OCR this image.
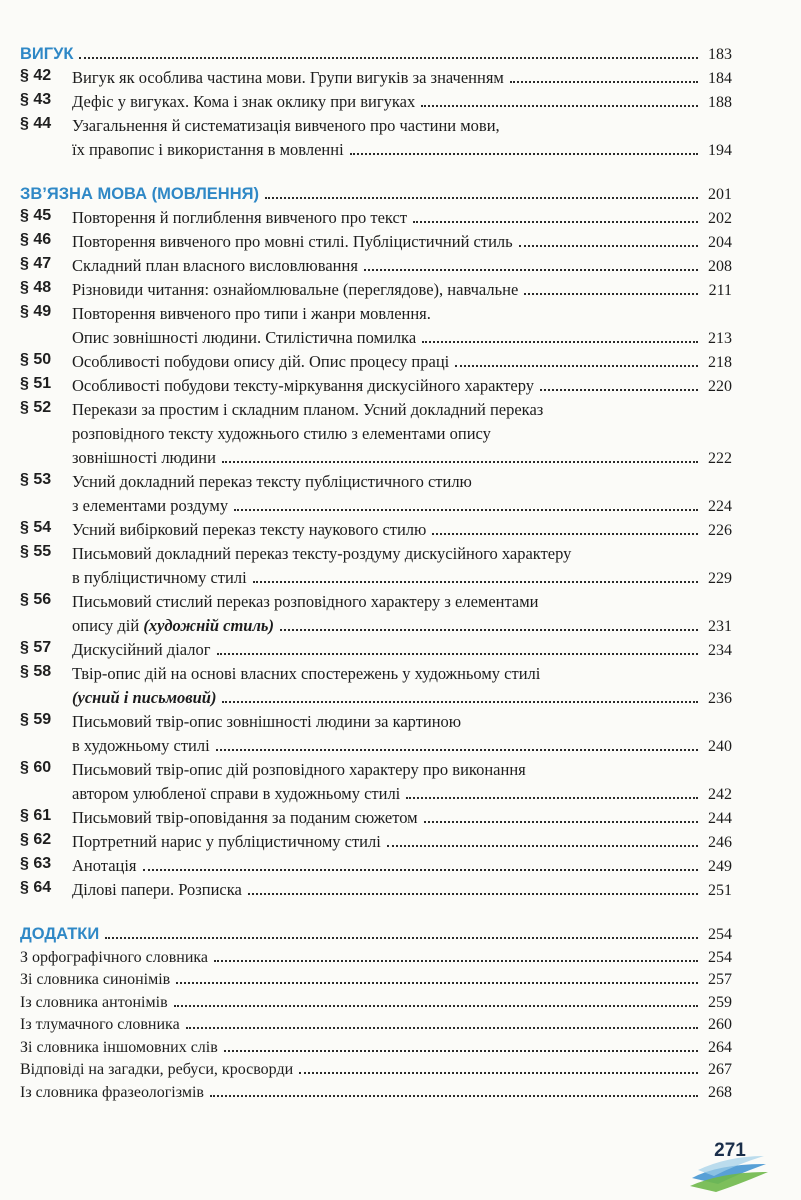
ВИГУК	183
§ 42	Вигук як особлива частина мови. Групи вигуків за значенням	184
§ 43	Дефіс у вигуках. Кома і знак оклику при вигуках	188
§ 44	Узагальнення й систематизація вивченого про частини мови,
їх правопис і використання в мовленні	194
ЗВ’ЯЗНА МОВА (МОВЛЕННЯ)	201
§ 45	Повторення й поглиблення вивченого про текст	202
§ 46	Повторення вивченого про мовні стилі. Публіцистичний стиль	204
§ 47	Складний план власного висловлювання	208
§ 48	Різновиди читання: ознайомлювальне (переглядове), навчальне	211
§ 49	Повторення вивченого про типи і жанри мовлення.
Опис зовнішності людини. Стилістична помилка	213
§ 50	Особливості побудови опису дій. Опис процесу праці	218
§ 51	Особливості побудови тексту-міркування дискусійного характеру	220
§ 52	Перекази за простим і складним планом. Усний докладний переказ
розповідного тексту художнього стилю з елементами опису
зовнішності людини	222
§ 53	Усний докладний переказ тексту публіцистичного стилю
з елементами роздуму	224
§ 54	Усний вибірковий переказ тексту наукового стилю	226
§ 55	Письмовий докладний переказ тексту-роздуму дискусійного характеру
в публіцистичному стилі	229
§ 56	Письмовий стислий переказ розповідного характеру з елементами
опису дій (художній стиль)	231
§ 57	Дискусійний діалог	234
§ 58	Твір-опис дій на основі власних спостережень у художньому стилі
(усний і письмовий)	236
§ 59	Письмовий твір-опис зовнішності людини за картиною
в художньому стилі	240
§ 60	Письмовий твір-опис дій розповідного характеру про виконання
автором улюбленої справи в художньому стилі	242
§ 61	Письмовий твір-оповідання за поданим сюжетом	244
§ 62	Портретний нарис у публіцистичному стилі	246
§ 63	Анотація	249
§ 64	Ділові папери. Розписка	251
ДОДАТКИ	254
З орфографічного словника	254
Зі словника синонімів	257
Із словника антонімів	259
Із тлумачного словника	260
Зі словника іншомовних слів	264
Відповіді на загадки, ребуси, кросворди	267
Із словника фразеологізмів	268
271
